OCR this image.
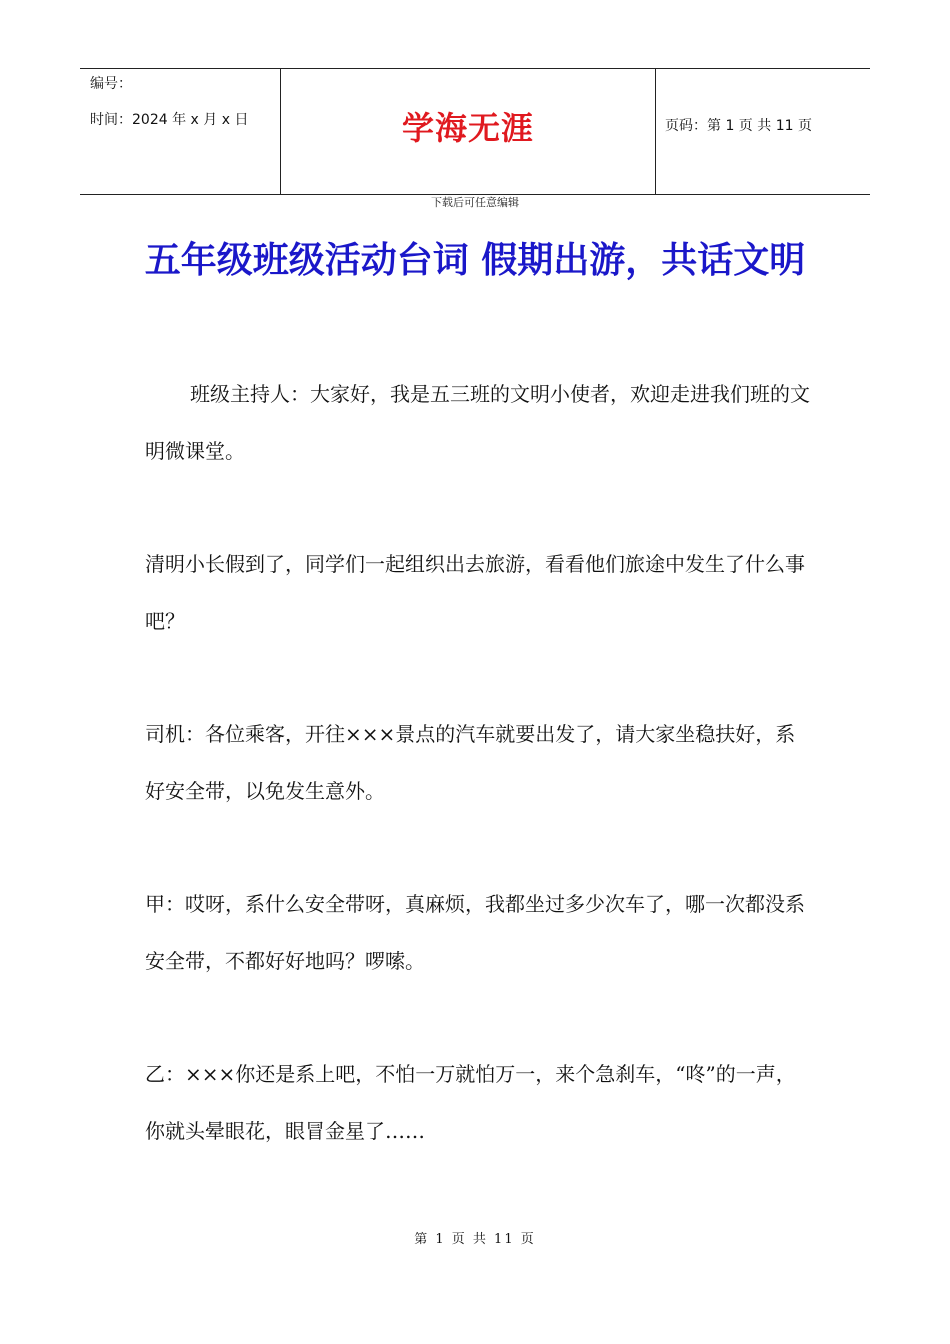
编号：
时间：2024 年 x 月 x 日	学海无涯	页码：第 1 页 共 11 页
下载后可任意编辑
五年级班级活动台词 假期出游，共话文明

班级主持人：大家好，我是五三班的文明小使者，欢迎走进我们班的文明微课堂。

清明小长假到了，同学们一起组织出去旅游，看看他们旅途中发生了什么事吧？

司机：各位乘客，开往×××景点的汽车就要出发了，请大家坐稳扶好，系好安全带，以免发生意外。

甲：哎呀，系什么安全带呀，真麻烦，我都坐过多少次车了，哪一次都没系安全带，不都好好地吗？啰嗦。

乙：×××你还是系上吧，不怕一万就怕万一，来个急刹车，“咚”的一声，你就头晕眼花，眼冒金星了……

第 1 页 共 11 页
